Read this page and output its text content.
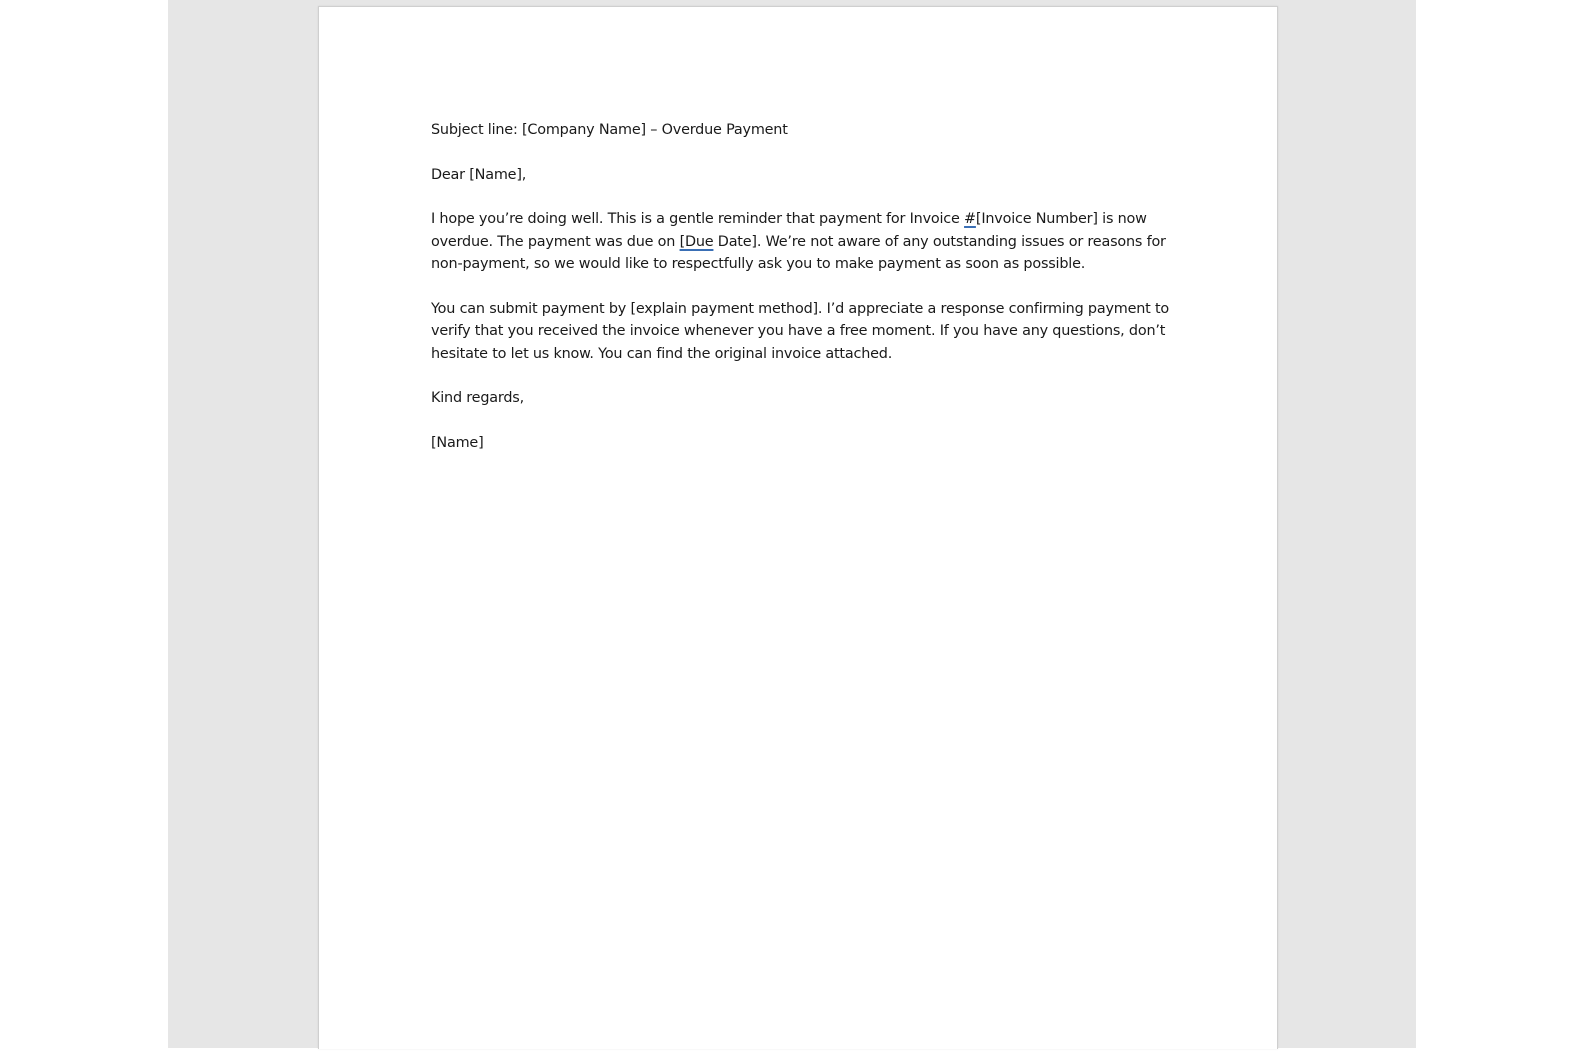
Subject line: [Company Name] – Overdue Payment

Dear [Name],

I hope you’re doing well. This is a gentle reminder that payment for Invoice #[Invoice Number] is now overdue. The payment was due on [Due Date]. We’re not aware of any outstanding issues or reasons for non-payment, so we would like to respectfully ask you to make payment as soon as possible.

You can submit payment by [explain payment method]. I’d appreciate a response confirming payment to verify that you received the invoice whenever you have a free moment. If you have any questions, don’t hesitate to let us know. You can find the original invoice attached.

Kind regards,

[Name]
